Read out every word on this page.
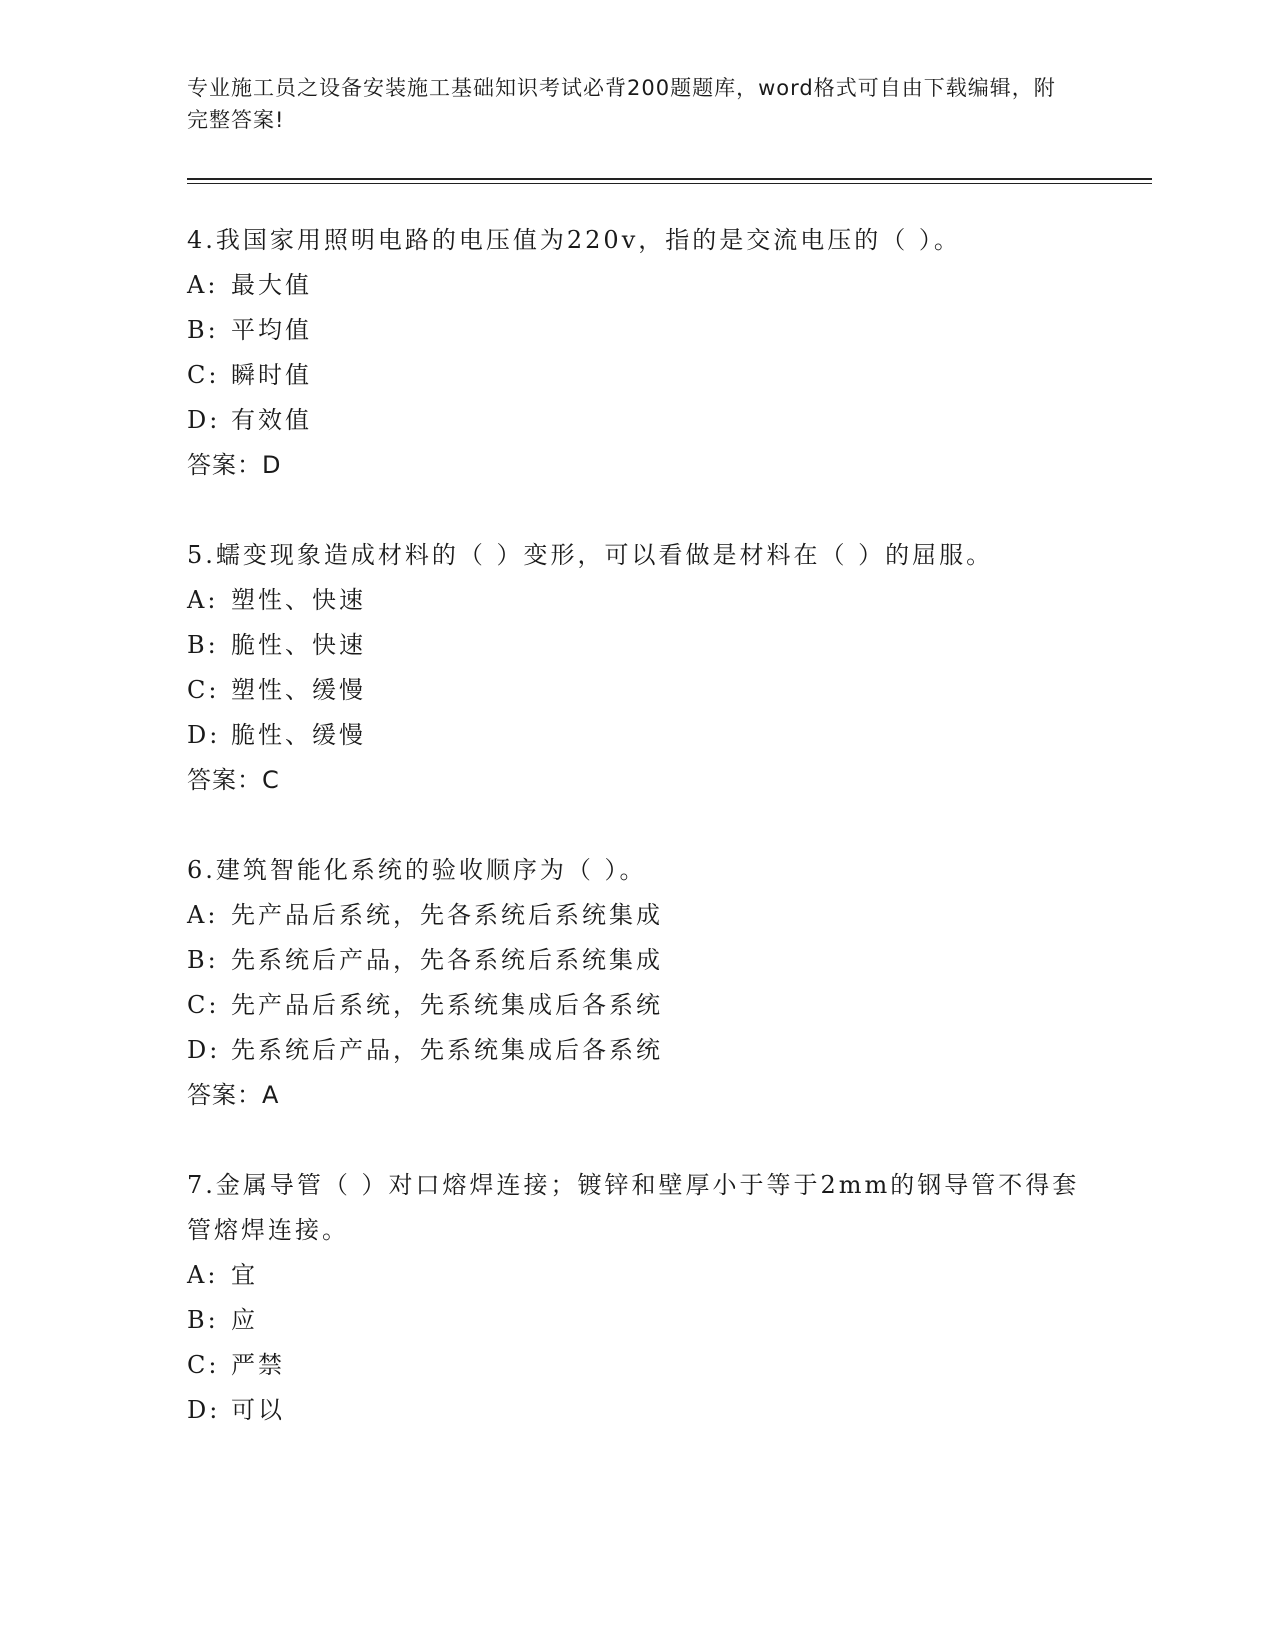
专业施工员之设备安装施工基础知识考试必背200题题库，word格式可自由下载编辑，附完整答案!
4.我国家用照明电路的电压值为220v，指的是交流电压的（ ）。
A: 最大值
B: 平均值
C: 瞬时值
D: 有效值
答案：D
5.蠕变现象造成材料的（ ）变形，可以看做是材料在（ ）的屈服。
A: 塑性、快速
B: 脆性、快速
C: 塑性、缓慢
D: 脆性、缓慢
答案：C
6.建筑智能化系统的验收顺序为（ ）。
A: 先产品后系统，先各系统后系统集成
B: 先系统后产品，先各系统后系统集成
C: 先产品后系统，先系统集成后各系统
D: 先系统后产品，先系统集成后各系统
答案：A
7.金属导管（ ）对口熔焊连接；镀锌和壁厚小于等于2mm的钢导管不得套管熔焊连接。
A: 宜
B: 应
C: 严禁
D: 可以
